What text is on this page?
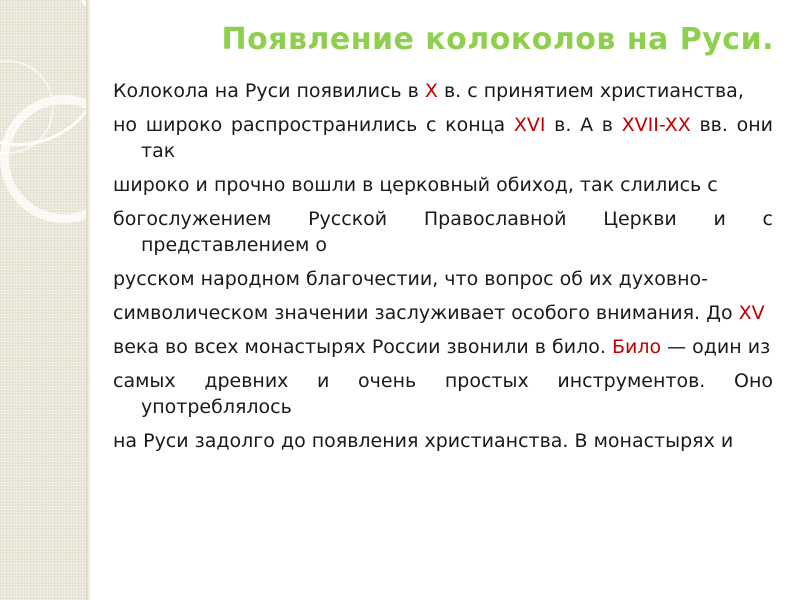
Появление колоколов на Руси.

Колокола на Руси появились в X в. с принятием христианства,

но широко распространились с конца XVI в. А в XVII-XX вв. они так

широко и прочно вошли в церковный обиход, так слились с

богослужением Русской Православной Церкви и с представлением о

русском народном благочестии, что вопрос об их духовно-

символическом значении заслуживает особого внимания. До XV

века во всех монастырях России звонили в било. Било — один из

самых древних и очень простых инструментов. Оно употреблялось

на Руси задолго до появления христианства. В монастырях и
